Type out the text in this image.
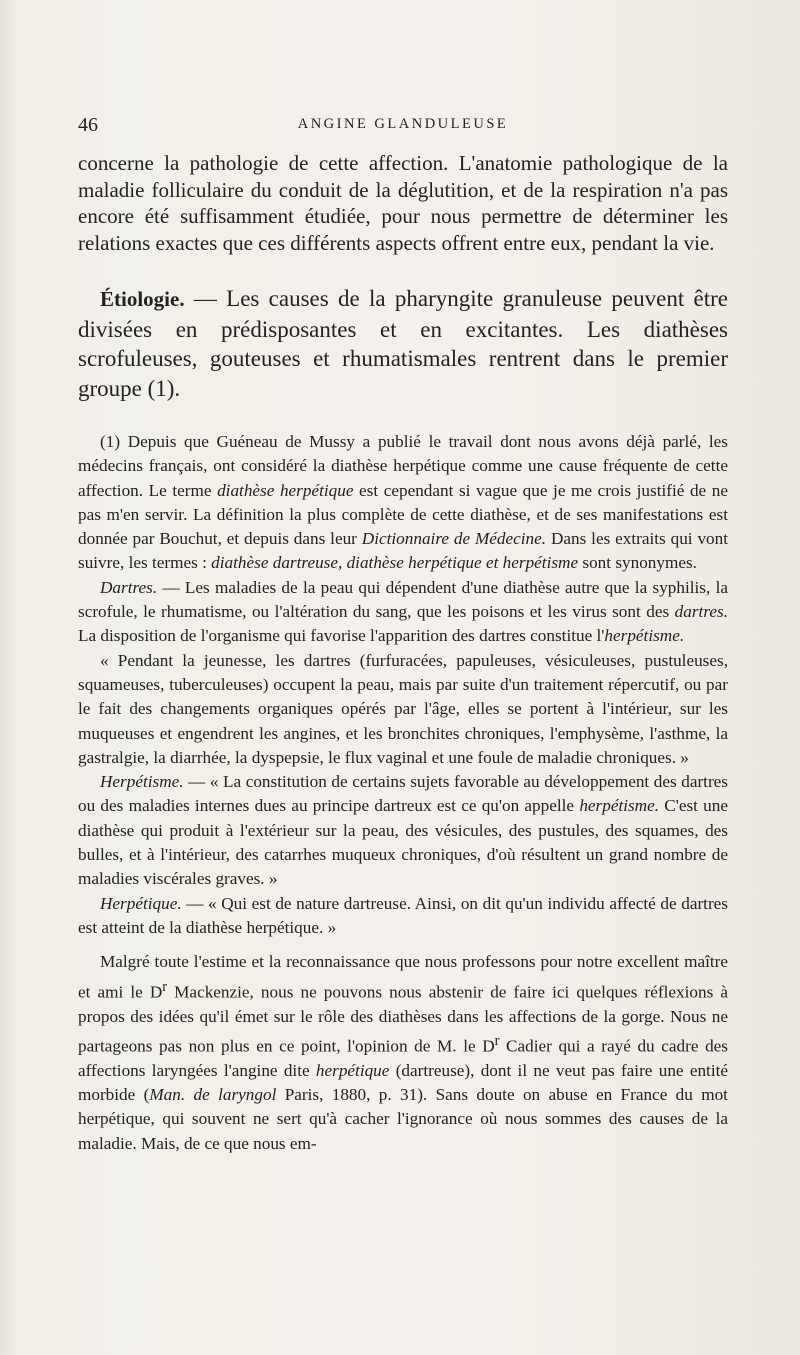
46	ANGINE GLANDULEUSE

concerne la pathologie de cette affection. L'anatomie pathologique de la maladie folliculaire du conduit de la déglutition, et de la respiration n'a pas encore été suffisamment étudiée, pour nous permettre de déterminer les relations exactes que ces différents aspects offrent entre eux, pendant la vie.

Étiologie. — Les causes de la pharyngite granuleuse peuvent être divisées en prédisposantes et en excitantes. Les diathèses scrofuleuses, gouteuses et rhumatismales rentrent dans le premier groupe (1).

(1) Depuis que Guéneau de Mussy a publié le travail dont nous avons déjà parlé, les médecins français, ont considéré la diathèse herpétique comme une cause fréquente de cette affection. Le terme diathèse herpétique est cependant si vague que je me crois justifié de ne pas m'en servir. La définition la plus complète de cette diathèse, et de ses manifestations est donnée par Bouchut, et depuis dans leur Dictionnaire de Médecine. Dans les extraits qui vont suivre, les termes : diathèse dartreuse, diathèse herpétique et herpétisme sont synonymes.

Dartres. — Les maladies de la peau qui dépendent d'une diathèse autre que la syphilis, la scrofule, le rhumatisme, ou l'altération du sang, que les poisons et les virus sont des dartres. La disposition de l'organisme qui favorise l'apparition des dartres constitue l'herpétisme.

« Pendant la jeunesse, les dartres (furfuracées, papuleuses, vésiculeuses, pustuleuses, squameuses, tuberculeuses) occupent la peau, mais par suite d'un traitement répercutif, ou par le fait des changements organiques opérés par l'âge, elles se portent à l'intérieur, sur les muqueuses et engendrent les angines, et les bronchites chroniques, l'emphysème, l'asthme, la gastralgie, la diarrhée, la dyspepsie, le flux vaginal et une foule de maladie chroniques. »

Herpétisme. — « La constitution de certains sujets favorable au développement des dartres ou des maladies internes dues au principe dartreux est ce qu'on appelle herpétisme. C'est une diathèse qui produit à l'extérieur sur la peau, des vésicules, des pustules, des squames, des bulles, et à l'intérieur, des catarrhes muqueux chroniques, d'où résultent un grand nombre de maladies viscérales graves. »

Herpétique. — « Qui est de nature dartreuse. Ainsi, on dit qu'un individu affecté de dartres est atteint de la diathèse herpétique. »

Malgré toute l'estime et la reconnaissance que nous professons pour notre excellent maître et ami le $D^r$ Mackenzie, nous ne pouvons nous abstenir de faire ici quelques réflexions à propos des idées qu'il émet sur le rôle des diathèses dans les affections de la gorge. Nous ne partageons pas non plus en ce point, l'opinion de M. le $D^r$ Cadier qui a rayé du cadre des affections laryngées l'angine dite herpétique (dartreuse), dont il ne veut pas faire une entité morbide (Man. de laryngol Paris, 1880, p. 31). Sans doute on abuse en France du mot herpétique, qui souvent ne sert qu'à cacher l'ignorance où nous sommes des causes de la maladie. Mais, de ce que nous em-
